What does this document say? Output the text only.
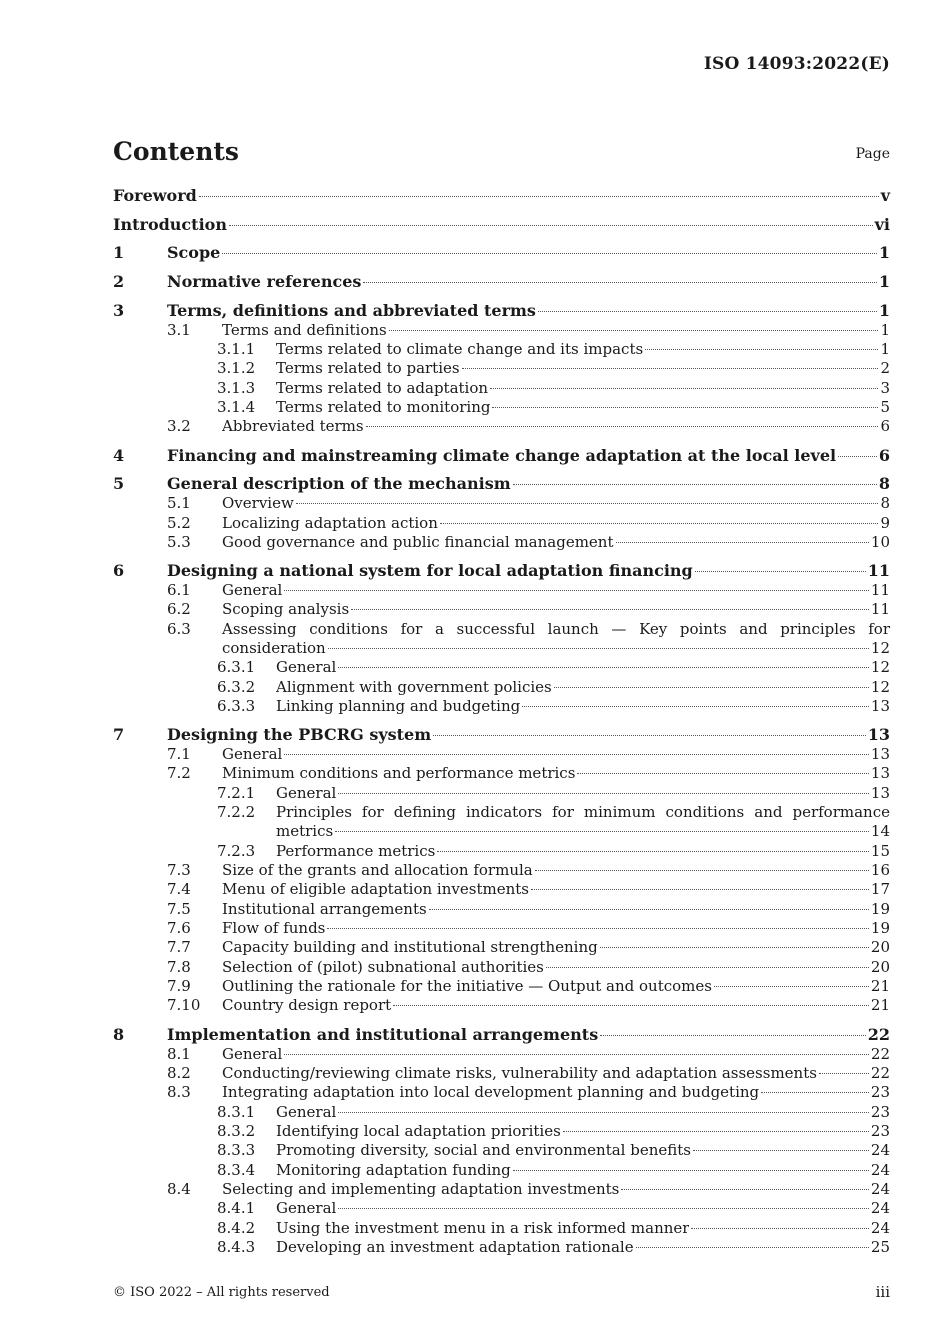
ISO 14093:2022(E)
Contents	Page
Foreword	v
Introduction	vi
1	Scope	1
2	Normative references	1
3	Terms, definitions and abbreviated terms	1
3.1	Terms and definitions	1
3.1.1	Terms related to climate change and its impacts	1
3.1.2	Terms related to parties	2
3.1.3	Terms related to adaptation	3
3.1.4	Terms related to monitoring	5
3.2	Abbreviated terms	6
4	Financing and mainstreaming climate change adaptation at the local level	6
5	General description of the mechanism	8
5.1	Overview	8
5.2	Localizing adaptation action	9
5.3	Good governance and public financial management	10
6	Designing a national system for local adaptation financing	11
6.1	General	11
6.2	Scoping analysis	11
6.3	Assessing conditions for a successful launch — Key points and principles for
consideration	12
6.3.1	General	12
6.3.2	Alignment with government policies	12
6.3.3	Linking planning and budgeting	13
7	Designing the PBCRG system	13
7.1	General	13
7.2	Minimum conditions and performance metrics	13
7.2.1	General	13
7.2.2	Principles for defining indicators for minimum conditions and performance
metrics	14
7.2.3	Performance metrics	15
7.3	Size of the grants and allocation formula	16
7.4	Menu of eligible adaptation investments	17
7.5	Institutional arrangements	19
7.6	Flow of funds	19
7.7	Capacity building and institutional strengthening	20
7.8	Selection of (pilot) subnational authorities	20
7.9	Outlining the rationale for the initiative — Output and outcomes	21
7.10	Country design report	21
8	Implementation and institutional arrangements	22
8.1	General	22
8.2	Conducting/reviewing climate risks, vulnerability and adaptation assessments	22
8.3	Integrating adaptation into local development planning and budgeting	23
8.3.1	General	23
8.3.2	Identifying local adaptation priorities	23
8.3.3	Promoting diversity, social and environmental benefits	24
8.3.4	Monitoring adaptation funding	24
8.4	Selecting and implementing adaptation investments	24
8.4.1	General	24
8.4.2	Using the investment menu in a risk informed manner	24
8.4.3	Developing an investment adaptation rationale	25
© ISO 2022 – All rights reserved	iii
